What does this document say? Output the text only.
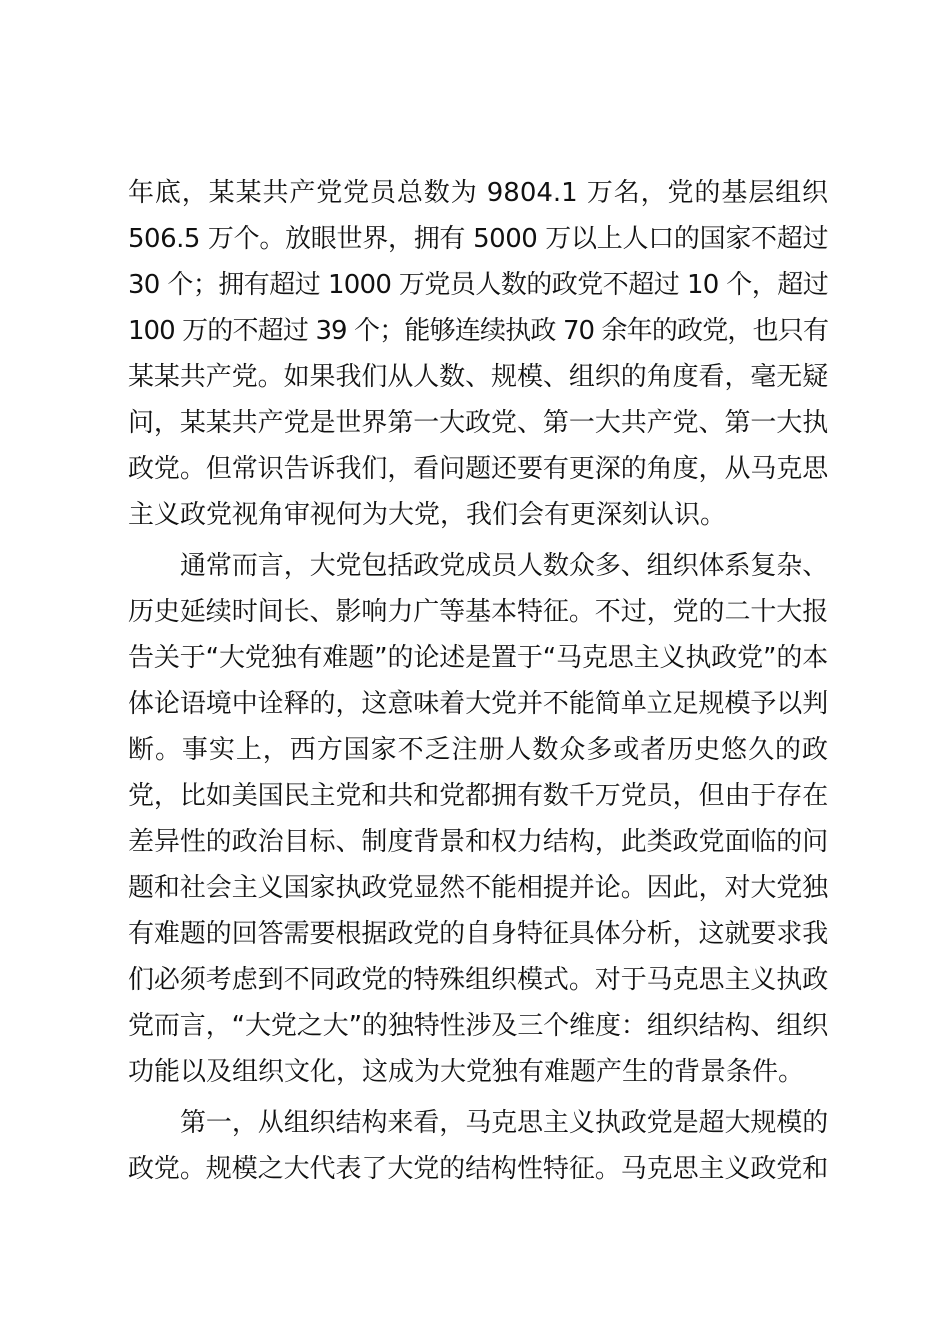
年底，某某共产党党员总数为 9804.1 万名，党的基层组织
506.5 万个。放眼世界，拥有 5000 万以上人口的国家不超过
30 个；拥有超过 1000 万党员人数的政党不超过 10 个，超过
100 万的不超过 39 个；能够连续执政 70 余年的政党，也只有
某某共产党。如果我们从人数、规模、组织的角度看，毫无疑
问，某某共产党是世界第一大政党、第一大共产党、第一大执
政党。但常识告诉我们，看问题还要有更深的角度，从马克思
主义政党视角审视何为大党，我们会有更深刻认识。
通常而言，大党包括政党成员人数众多、组织体系复杂、
历史延续时间长、影响力广等基本特征。不过，党的二十大报
告关于“大党独有难题”的论述是置于“马克思主义执政党”的本
体论语境中诠释的，这意味着大党并不能简单立足规模予以判
断。事实上，西方国家不乏注册人数众多或者历史悠久的政
党，比如美国民主党和共和党都拥有数千万党员，但由于存在
差异性的政治目标、制度背景和权力结构，此类政党面临的问
题和社会主义国家执政党显然不能相提并论。因此，对大党独
有难题的回答需要根据政党的自身特征具体分析，这就要求我
们必须考虑到不同政党的特殊组织模式。对于马克思主义执政
党而言，“大党之大”的独特性涉及三个维度：组织结构、组织
功能以及组织文化，这成为大党独有难题产生的背景条件。
第一，从组织结构来看，马克思主义执政党是超大规模的
政党。规模之大代表了大党的结构性特征。马克思主义政党和
